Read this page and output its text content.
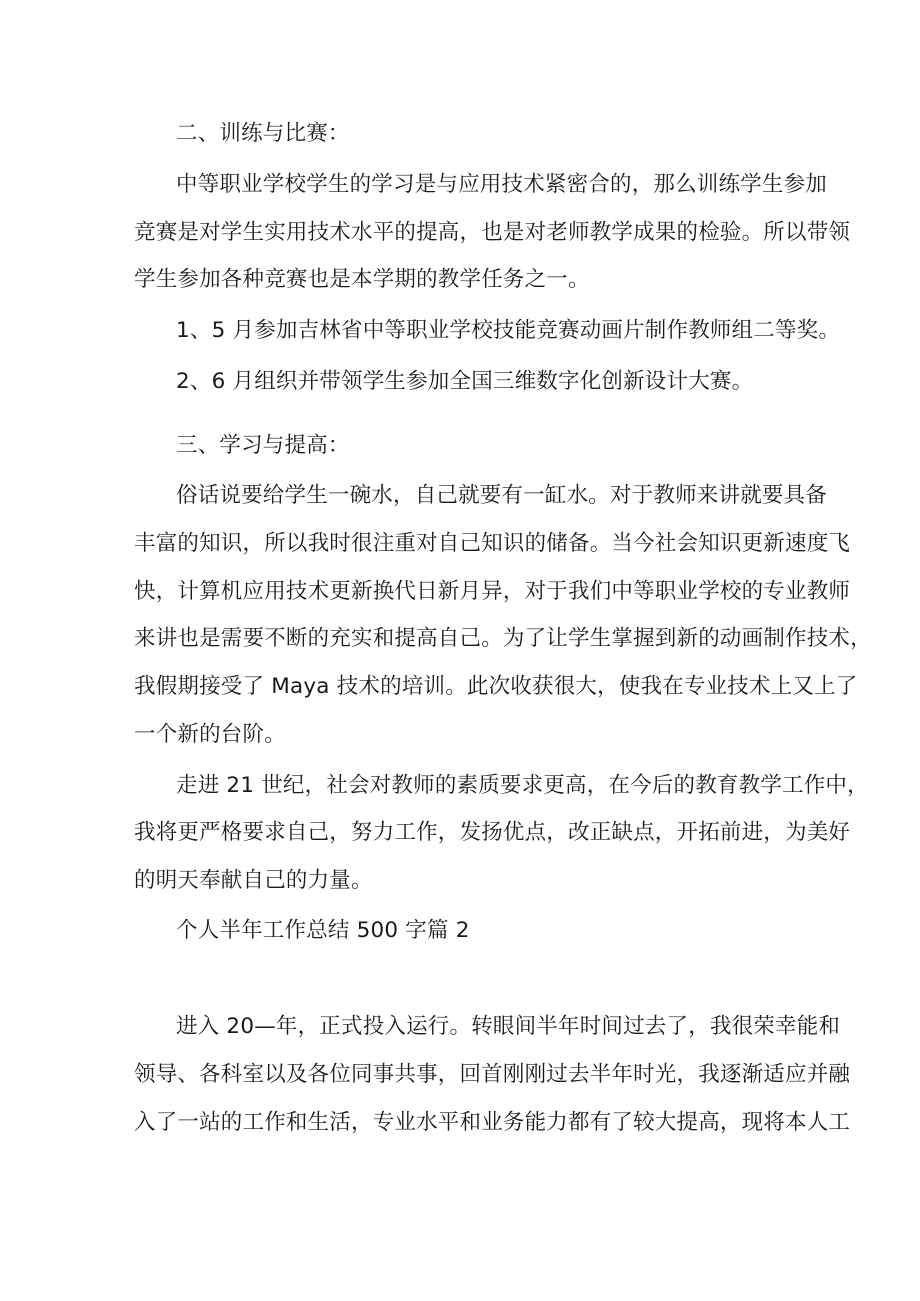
二、训练与比赛：
中等职业学校学生的学习是与应用技术紧密合的，那么训练学生参加
竞赛是对学生实用技术水平的提高，也是对老师教学成果的检验。所以带领
学生参加各种竞赛也是本学期的教学任务之一。
1、5 月参加吉林省中等职业学校技能竞赛动画片制作教师组二等奖。
2、6 月组织并带领学生参加全国三维数字化创新设计大赛。
三、学习与提高：
俗话说要给学生一碗水，自己就要有一缸水。对于教师来讲就要具备
丰富的知识，所以我时很注重对自己知识的储备。当今社会知识更新速度飞
快，计算机应用技术更新换代日新月异，对于我们中等职业学校的专业教师
来讲也是需要不断的充实和提高自己。为了让学生掌握到新的动画制作技术，
我假期接受了 Maya 技术的培训。此次收获很大，使我在专业技术上又上了
一个新的台阶。
走进 21 世纪，社会对教师的素质要求更高，在今后的教育教学工作中，
我将更严格要求自己，努力工作，发扬优点，改正缺点，开拓前进，为美好
的明天奉献自己的力量。
个人半年工作总结 500 字篇 2
进入 20—年，正式投入运行。转眼间半年时间过去了，我很荣幸能和
领导、各科室以及各位同事共事，回首刚刚过去半年时光，我逐渐适应并融
入了一站的工作和生活，专业水平和业务能力都有了较大提高，现将本人工
